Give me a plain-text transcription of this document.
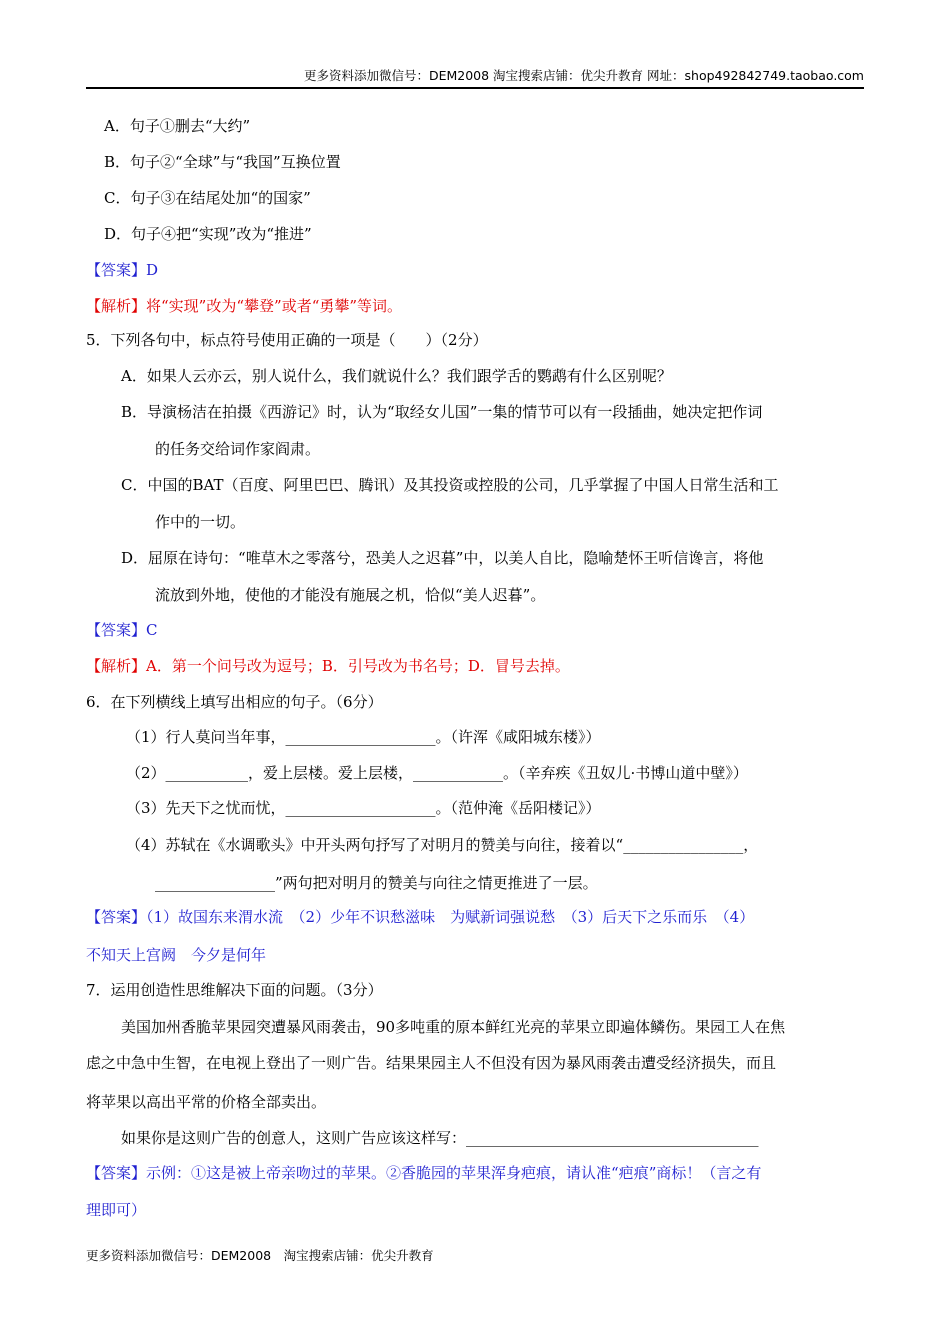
更多资料添加微信号：DEM2008 淘宝搜索店铺：优尖升教育 网址：shop492842749.taobao.com
A．句子①删去“大约”
B．句子②“全球”与“我国”互换位置
C．句子③在结尾处加“的国家”
D．句子④把“实现”改为“推进”
【答案】D
【解析】将“实现”改为“攀登”或者“勇攀”等词。
5．下列各句中，标点符号使用正确的一项是（　　）（2分）
A．如果人云亦云，别人说什么，我们就说什么？我们跟学舌的鹦鹉有什么区别呢？
B．导演杨洁在拍摄《西游记》时，认为“取经女儿国”一集的情节可以有一段插曲，她决定把作词
的任务交给词作家阎肃。
C．中国的BAT（百度、阿里巴巴、腾讯）及其投资或控股的公司，几乎掌握了中国人日常生活和工
作中的一切。
D．屈原在诗句：“唯草木之零落兮，恐美人之迟暮”中，以美人自比，隐喻楚怀王听信谗言，将他
流放到外地，使他的才能没有施展之机，恰似“美人迟暮”。
【答案】C
【解析】A．第一个问号改为逗号；B．引号改为书名号；D．冒号去掉。
6．在下列横线上填写出相应的句子。（6分）
（1）行人莫问当年事，____________________。（许浑《咸阳城东楼》）
（2）___________，爱上层楼。爱上层楼，____________。（辛弃疾《丑奴儿·书博山道中壁》）
（3）先天下之忧而忧，____________________。（范仲淹《岳阳楼记》）
（4）苏轼在《水调歌头》中开头两句抒写了对明月的赞美与向往，接着以“________________，
________________”两句把对明月的赞美与向往之情更推进了一层。
【答案】（1）故国东来渭水流　（2）少年不识愁滋味　为赋新词强说愁　（3）后天下之乐而乐　（4）
不知天上宫阙　今夕是何年
7．运用创造性思维解决下面的问题。（3分）
美国加州香脆苹果园突遭暴风雨袭击，90多吨重的原本鲜红光亮的苹果立即遍体鳞伤。果园工人在焦
虑之中急中生智，在电视上登出了一则广告。结果果园主人不但没有因为暴风雨袭击遭受经济损失，而且
将苹果以高出平常的价格全部卖出。
如果你是这则广告的创意人，这则广告应该这样写：_______________________________________
【答案】示例：①这是被上帝亲吻过的苹果。②香脆园的苹果浑身疤痕，请认准“疤痕”商标！（言之有
理即可）
更多资料添加微信号：DEM2008　淘宝搜索店铺：优尖升教育
